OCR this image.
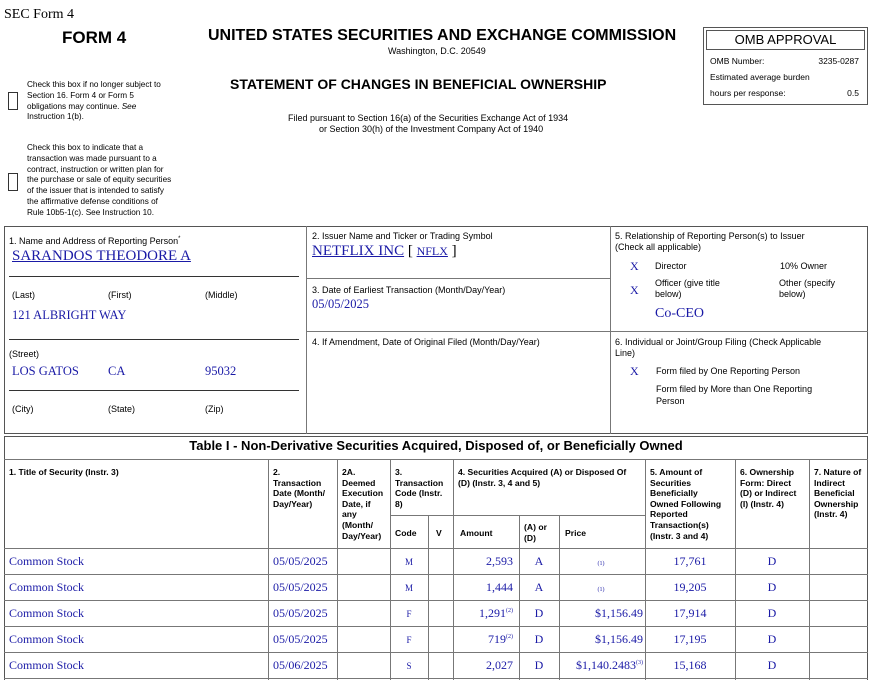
SEC Form 4
FORM 4	UNITED STATES SECURITIES AND EXCHANGE COMMISSION
Washington, D.C. 20549
STATEMENT OF CHANGES IN BENEFICIAL OWNERSHIP
Filed pursuant to Section 16(a) of the Securities Exchange Act of 1934
or Section 30(h) of the Investment Company Act of 1940
OMB APPROVAL
OMB Number:	3235-0287
Estimated average burden
hours per response:	0.5
Check this box if no longer subject to
Section 16. Form 4 or Form 5
obligations may continue. See
Instruction 1(b).
Check this box to indicate that a
transaction was made pursuant to a
contract, instruction or written plan for
the purchase or sale of equity securities
of the issuer that is intended to satisfy
the affirmative defense conditions of
Rule 10b5-1(c). See Instruction 10.
1. Name and Address of Reporting Person*
SARANDOS THEODORE A
(Last)	(First)	(Middle)
121 ALBRIGHT WAY
(Street)
LOS GATOS CA	95032
(City)	(State)	(Zip)
2. Issuer Name and Ticker or Trading Symbol
NETFLIX INC [ NFLX ]
3. Date of Earliest Transaction (Month/Day/Year)
05/05/2025
4. If Amendment, Date of Original Filed (Month/Day/Year)
5. Relationship of Reporting Person(s) to Issuer
(Check all applicable)
X Director	10% Owner
X Officer (give title
below)
Other (specify
below)
Co-CEO
6. Individual or Joint/Group Filing (Check Applicable
Line)
X Form filed by One Reporting Person
Form filed by More than One Reporting
Person
Table I - Non-Derivative Securities Acquired, Disposed of, or Beneficially Owned
1. Title of Security (Instr. 3)	2.
Transaction
Date (Month/
Day/Year)
2A.
Deemed
Execution
Date, if
any
(Month/
Day/Year)
3.
Transaction
Code (Instr.
8)
Code V
4. Securities Acquired (A) or Disposed Of
(D) (Instr. 3, 4 and 5)
Amount
(A) or
(D)	Price
5. Amount of
Securities
Beneficially
Owned Following
Reported
Transaction(s)
(Instr. 3 and 4)
6. Ownership
Form: Direct
(D) or Indirect
(I) (Instr. 4)
7. Nature of
Indirect
Beneficial
Ownership
(Instr. 4)
Common Stock	05/05/2025	M	2,593	A	(1)	17,761	D
Common Stock	05/05/2025	M	1,444	A	(1)	19,205	D
Common Stock	05/05/2025	F	1,291$^{(2)}$	D	$1,156.49	17,914	D
Common Stock	05/05/2025	F	719$^{(2)}$	D	$1,156.49	17,195	D
Common Stock	05/06/2025	S	2,027	D	$1,140.2483$^{(3)}$	15,168	D
